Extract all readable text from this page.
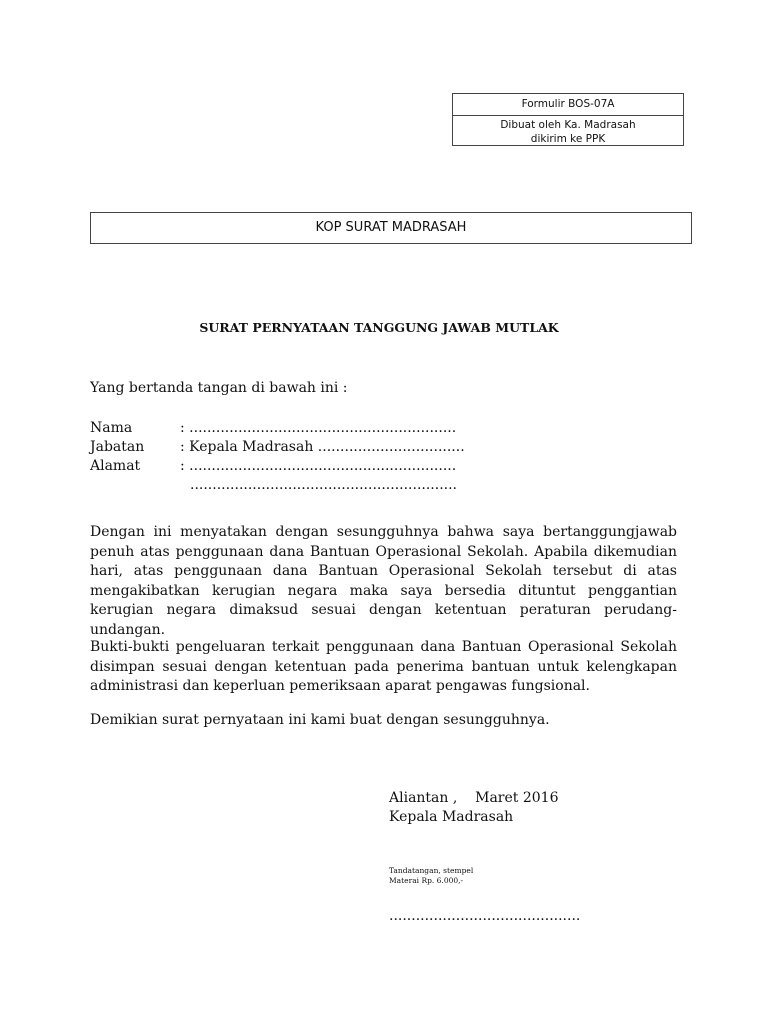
Formulir BOS-07A
Dibuat oleh Ka. Madrasah
dikirim ke PPK
KOP SURAT MADRASAH
SURAT PERNYATAAN TANGGUNG JAWAB MUTLAK
Yang bertanda tangan di bawah ini :
Nama	: ............................................................
Jabatan	: Kepala Madrasah .................................
Alamat	: ............................................................
............................................................

Dengan ini menyatakan dengan sesungguhnya bahwa saya bertanggungjawab penuh atas penggunaan dana Bantuan Operasional Sekolah. Apabila dikemudian hari, atas penggunaan dana Bantuan Operasional Sekolah tersebut di atas mengakibatkan kerugian negara maka saya bersedia dituntut penggantian kerugian negara dimaksud sesuai dengan ketentuan peraturan perudang-undangan.

Bukti-bukti pengeluaran terkait penggunaan dana Bantuan Operasional Sekolah disimpan sesuai dengan ketentuan pada penerima bantuan untuk kelengkapan administrasi dan keperluan pemeriksaan aparat pengawas fungsional.

Demikian surat pernyataan ini kami buat dengan sesungguhnya.

Aliantan ,    Maret 2016
Kepala Madrasah
Tandatangan, stempel
Materai Rp. 6.000,-
...........................................
